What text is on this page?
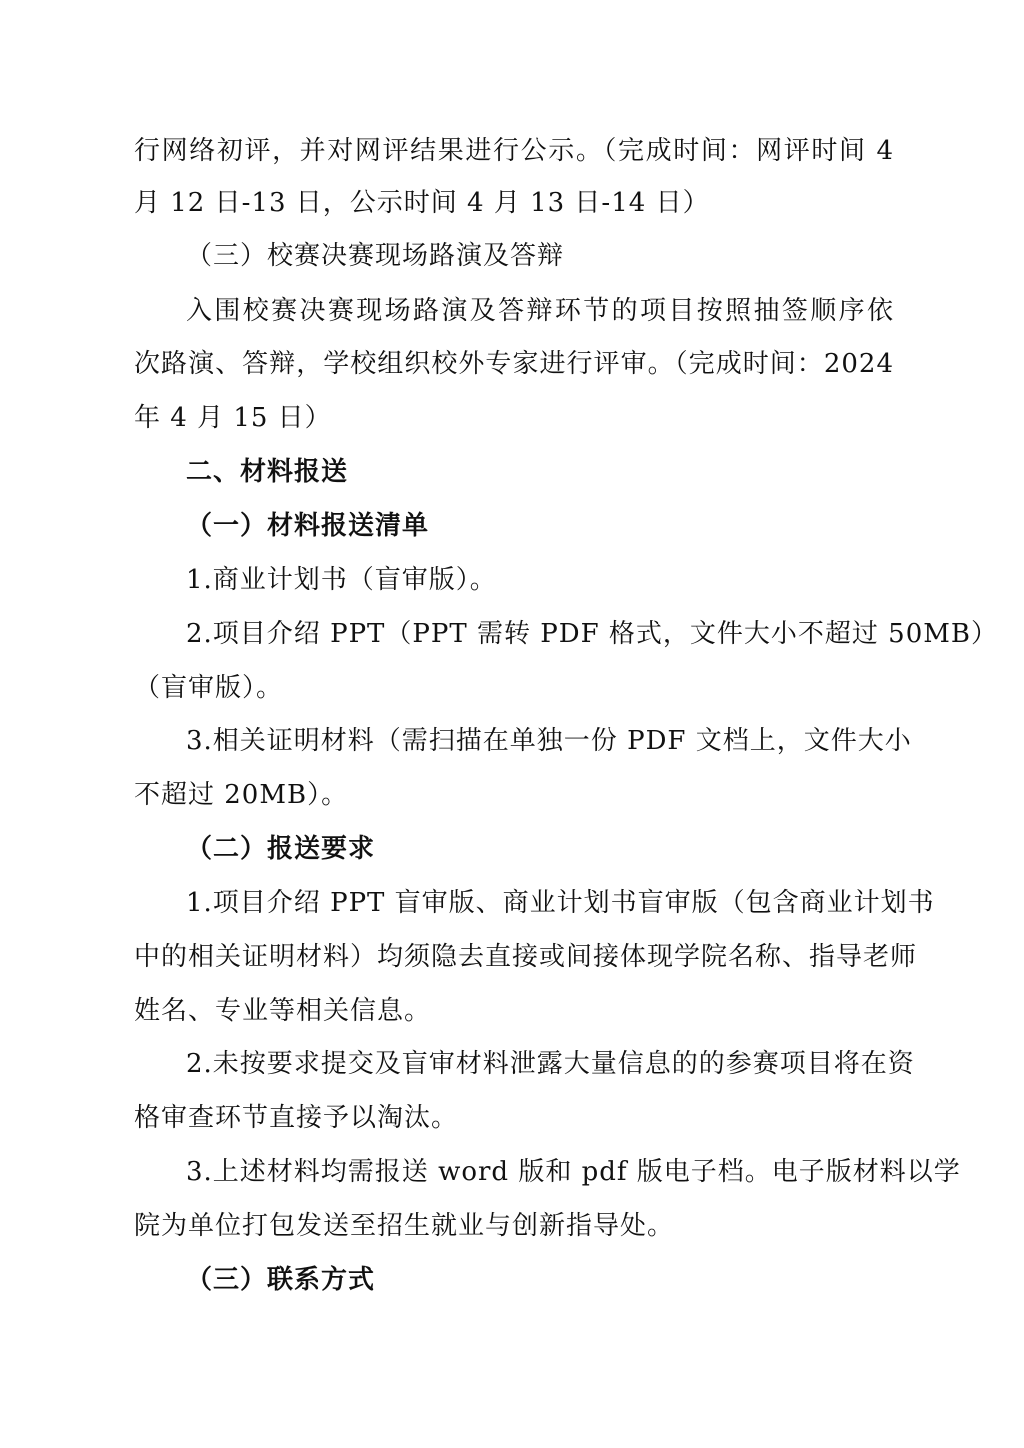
行网络初评，并对网评结果进行公示。（完成时间：网评时间 4
月 12 日-13 日，公示时间 4 月 13 日-14 日）
（三）校赛决赛现场路演及答辩
入围校赛决赛现场路演及答辩环节的项目按照抽签顺序依
次路演、答辩，学校组织校外专家进行评审。（完成时间：2024
年 4 月 15 日）
二、材料报送
（一）材料报送清单
1.商业计划书（盲审版）。
2.项目介绍 PPT（PPT 需转 PDF 格式，文件大小不超过 50MB）
（盲审版）。
3.相关证明材料（需扫描在单独一份 PDF 文档上，文件大小
不超过 20MB）。
（二）报送要求
1.项目介绍 PPT 盲审版、商业计划书盲审版（包含商业计划书
中的相关证明材料）均须隐去直接或间接体现学院名称、指导老师
姓名、专业等相关信息。
2.未按要求提交及盲审材料泄露大量信息的的参赛项目将在资
格审查环节直接予以淘汰。
3.上述材料均需报送 word 版和 pdf 版电子档。电子版材料以学
院为单位打包发送至招生就业与创新指导处。
（三）联系方式
